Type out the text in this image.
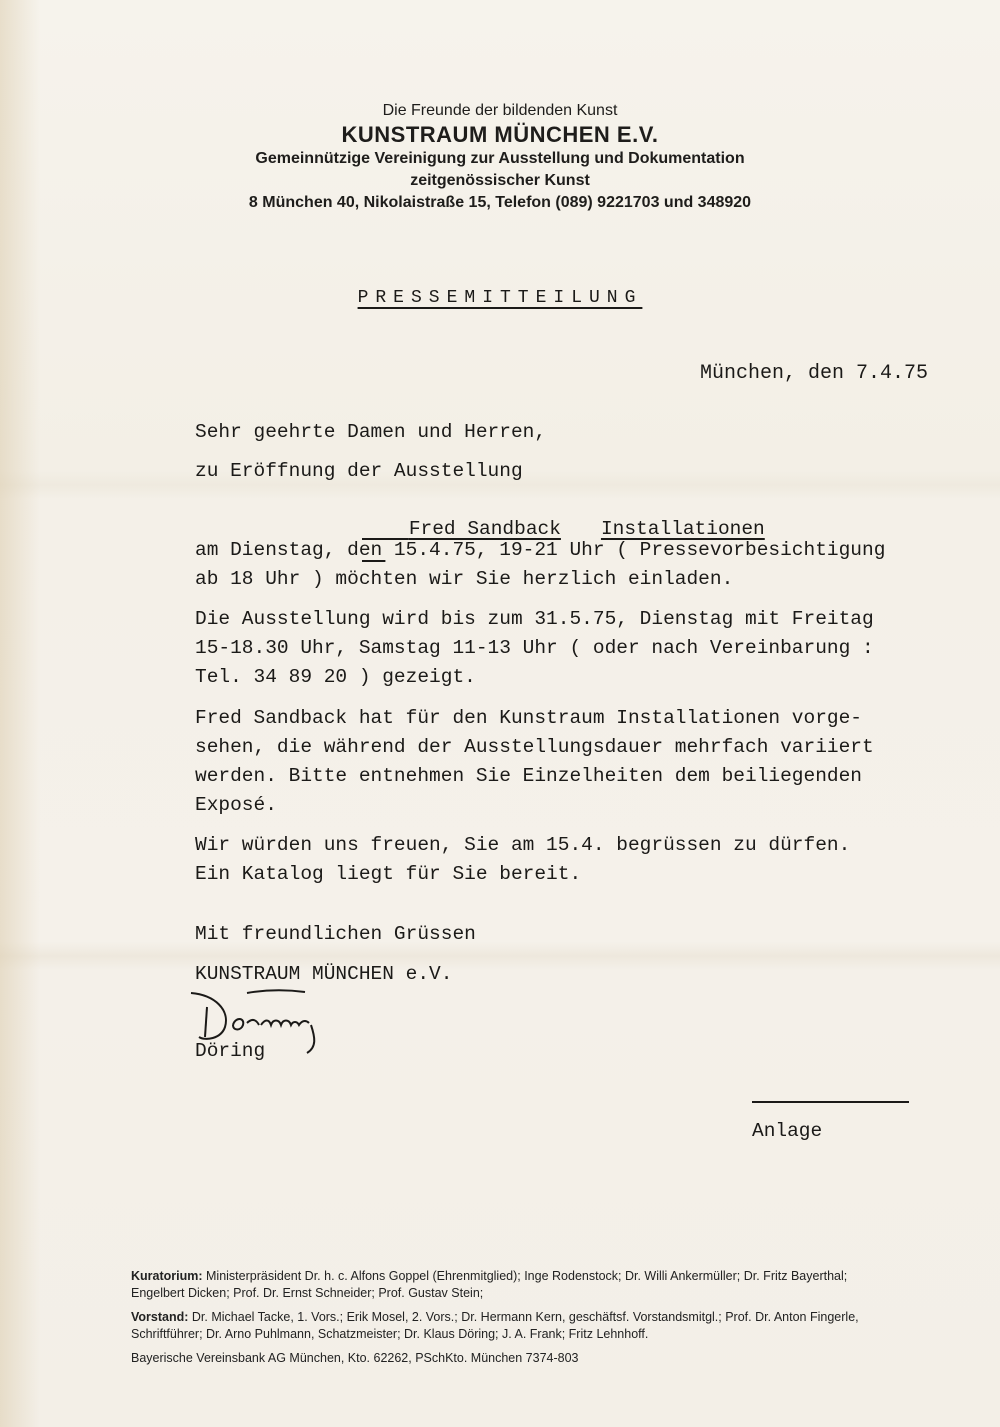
Die Freunde der bildenden Kunst
KUNSTRAUM MÜNCHEN E.V.
Gemeinnützige Vereinigung zur Ausstellung und Dokumentation
zeitgenössischer Kunst
8 München 40, Nikolaistraße 15, Telefon (089) 9221703 und 348920
PRESSEMITTEILUNG
München, den 7.4.75
Sehr geehrte Damen und Herren,
zu Eröffnung der Ausstellung

Fred Sandback Installationen

am Dienstag, den 15.4.75, 19-21 Uhr ( Pressevorbesichtigung
ab 18 Uhr ) möchten wir Sie herzlich einladen.
Die Ausstellung wird bis zum 31.5.75, Dienstag mit Freitag
15-18.30 Uhr, Samstag 11-13 Uhr ( oder nach Vereinbarung :
Tel. 34 89 20 ) gezeigt.
Fred Sandback hat für den Kunstraum Installationen vorge-
sehen, die während der Ausstellungsdauer mehrfach variiert
werden. Bitte entnehmen Sie Einzelheiten dem beiliegenden
Exposé.
Wir würden uns freuen, Sie am 15.4. begrüssen zu dürfen.
Ein Katalog liegt für Sie bereit.
Mit freundlichen Grüssen
KUNSTRAUM MÜNCHEN e.V.
Döring
Anlage

Kuratorium: Ministerpräsident Dr. h. c. Alfons Goppel (Ehrenmitglied); Inge Rodenstock; Dr. Willi Ankermüller; Dr. Fritz Bayerthal; Engelbert Dicken; Prof. Dr. Ernst Schneider; Prof. Gustav Stein;

Vorstand: Dr. Michael Tacke, 1. Vors.; Erik Mosel, 2. Vors.; Dr. Hermann Kern, geschäftsf. Vorstandsmitgl.; Prof. Dr. Anton Fingerle, Schriftführer; Dr. Arno Puhlmann, Schatzmeister; Dr. Klaus Döring; J. A. Frank; Fritz Lehnhoff.

Bayerische Vereinsbank AG München, Kto. 62262, PSchKto. München 7374-803
